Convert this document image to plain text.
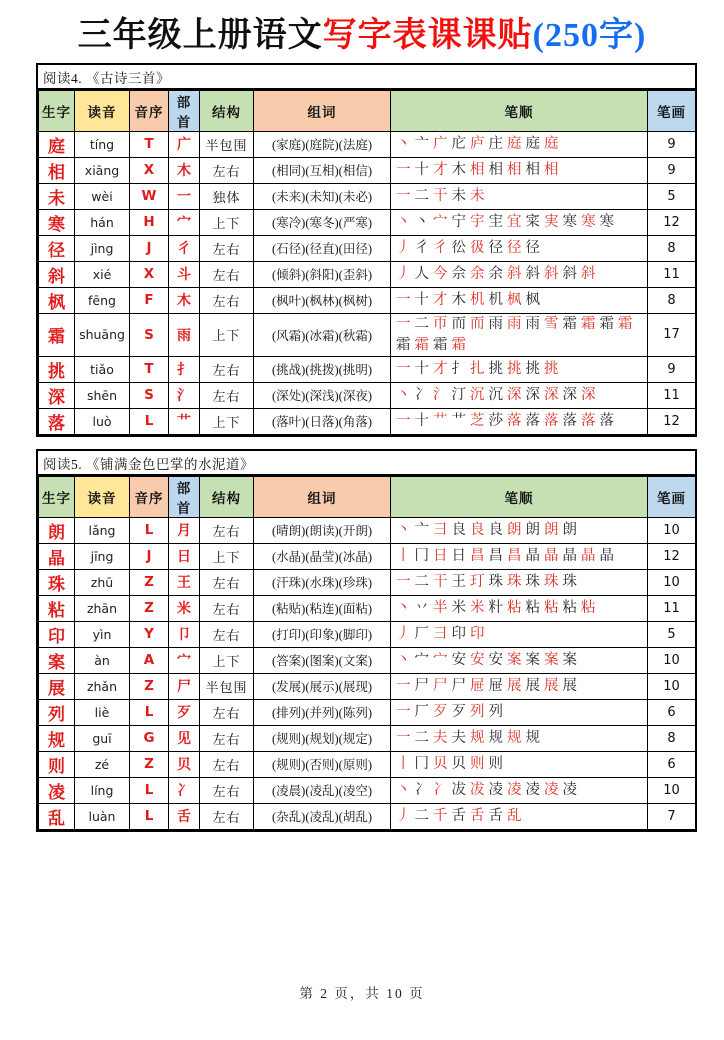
三年级上册语文写字表课课贴(250字)
阅读4. 《古诗三首》
生字	读音	音序	部首	结构	组词	笔顺	笔画
庭	tíng	T	广	半包围	(家庭)(庭院)(法庭)	丶 亠 广 庀 庐 庄 庭 庭 庭	9
相	xiāng	X	木	左右	(相同)(互相)(相信)	一 十 才 木 相 相 相 相 相	9
未	wèi	W	一	独体	(未来)(未知)(未必)	一 二 干 未 未	5
寒	hán	H	宀	上下	(寒冷)(寒冬)(严寒)	丶 丶 宀 宁 宇 宔 宜 寀 実 寒 寒 寒	12
径	jìng	J	彳	左右	(石径)(径直)(田径)	丿 彳 彳 彸 彶 径 径 径	8
斜	xié	X	斗	左右	(倾斜)(斜阳)(歪斜)	丿 人 今 佘 余 余 斜 斜 斜 斜 斜	11
枫	fēng	F	木	左右	(枫叶)(枫林)(枫树)	一 十 才 木 机 机 枫 枫	8
霜	shuāng	S	雨	上下	(风霜)(冰霜)(秋霜)	一 二 帀 而 而 雨 雨 雨 雪 霜 霜 霜 霜霜 霜 霜 霜	17
挑	tiǎo	T	扌	左右	(挑战)(挑拨)(挑明)	一 十 才 扌 扎 挑 挑 挑 挑	9
深	shēn	S	氵	左右	(深处)(深浅)(深夜)	丶 冫 氵 汀 沉 沉 深 深 深 深 深	11
落	luò	L	艹	上下	(落叶)(日落)(角落)	一 十 艹 艹 芝 莎 落 落 落 落 落 落	12
阅读5. 《铺满金色巴掌的水泥道》
生字	读音	音序	部首	结构	组词	笔顺	笔画
朗	lǎng	L	月	左右	(晴朗)(朗读)(开朗)	丶 亠 彐 良 良 良 朗 朗 朗 朗	10
晶	jīng	J	日	上下	(水晶)(晶莹)(冰晶)	丨 冂 日 日 昌 昌 昌 晶 晶 晶 晶 晶	12
珠	zhū	Z	王	左右	(汗珠)(水珠)(珍珠)	一 二 干 王 玎 珠 珠 珠 珠 珠	10
粘	zhān	Z	米	左右	(粘贴)(粘连)(面粘)	丶 丷 半 米 米 籵 粘 粘 粘 粘 粘	11
印	yìn	Y	卩	左右	(打印)(印象)(脚印)	丿 厂 彐 印 印	5
案	àn	A	宀	上下	(答案)(图案)(文案)	丶 宀 宀 安 安 安 案 案 案 案	10
展	zhǎn	Z	尸	半包围	(发展)(展示)(展现)	一 尸 尸 尸 屉 屉 展 展 展 展	10
列	liè	L	歹	左右	(排列)(并列)(陈列)	一 厂 歹 歹 列 列	6
规	guī	G	见	左右	(规则)(规划)(规定)	一 二 夫 夫 规 规 规 规	8
则	zé	Z	贝	左右	(规则)(否则)(原则)	丨 冂 贝 贝 则 则	6
凌	líng	L	冫	左右	(凌晨)(凌乱)(凌空)	丶 冫 冫 冹 冹 凌 凌 凌 凌 凌	10
乱	luàn	L	舌	左右	(杂乱)(凌乱)(胡乱)	丿 二 千 舌 舌 舌 乱	7
第 2 页，共 10 页
